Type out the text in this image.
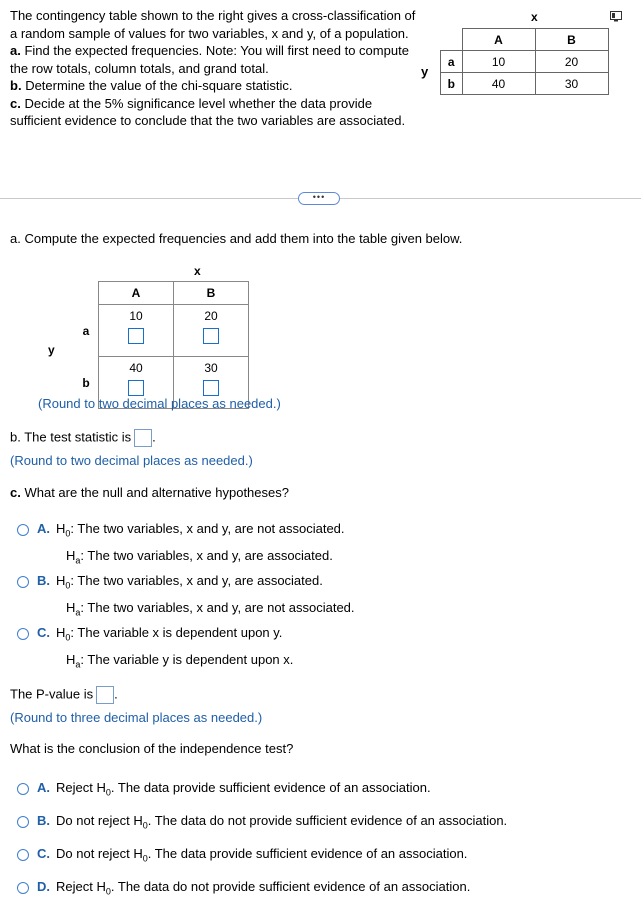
The contingency table shown to the right gives a cross-classification of a random sample of values for two variables, x and y, of a population.

a. Find the expected frequencies. Note: You will first need to compute the row totals, column totals, and grand total.

b. Determine the value of the chi-square statistic.

c. Decide at the 5% significance level whether the data provide sufficient evidence to conclude that the two variables are associated.

x
y
	A	B
a	10	20
b	40	30
•••
a. Compute the expected frequencies and add them into the table given below.
x
y
	A	B
a	10	20

b	40	30
(Round to two decimal places as needed.)
b. The test statistic is .
(Round to two decimal places as needed.)
c. What are the null and alternative hypotheses?
A. $H_0$: The two variables, x and y, are not associated.
$H_a$: The two variables, x and y, are associated.
B. $H_0$: The two variables, x and y, are associated.
$H_a$: The two variables, x and y, are not associated.
C. $H_0$: The variable x is dependent upon y.
$H_a$: The variable y is dependent upon x.
The P-value is .
(Round to three decimal places as needed.)
What is the conclusion of the independence test?
A. Reject $H_0$. The data provide sufficient evidence of an association.
B. Do not reject $H_0$. The data do not provide sufficient evidence of an association.
C. Do not reject $H_0$. The data provide sufficient evidence of an association.
D. Reject $H_0$. The data do not provide sufficient evidence of an association.
